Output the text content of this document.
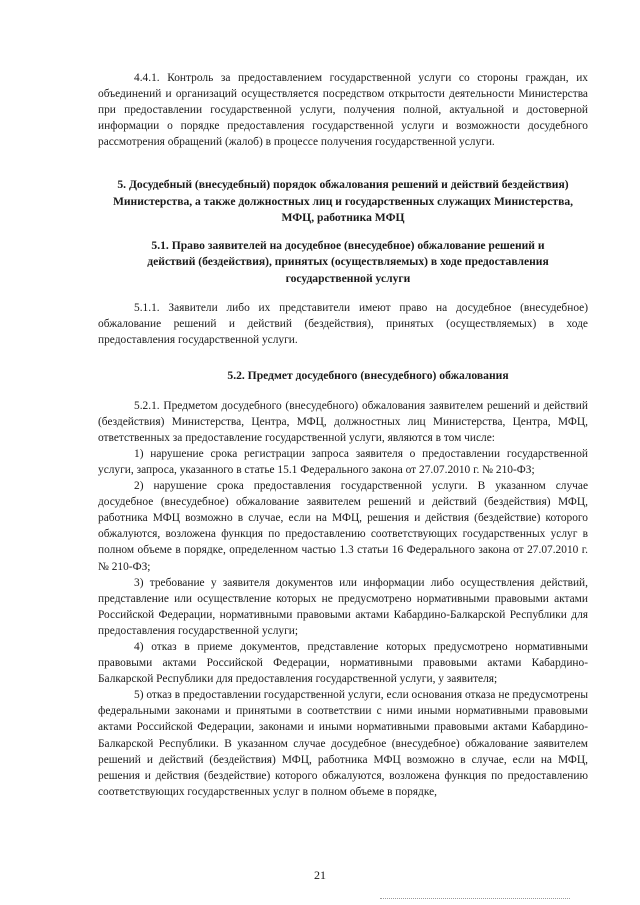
4.4.1. Контроль за предоставлением государственной услуги со стороны граждан, их объединений и организаций осуществляется посредством открытости деятельности Министерства при предоставлении государственной услуги, получения полной, актуальной и достоверной информации о порядке предоставления государственной услуги и возможности досудебного рассмотрения обращений (жалоб) в процессе получения государственной услуги.

5. Досудебный (внесудебный) порядок обжалования решений и действий бездействия) Министерства, а также должностных лиц и государственных служащих Министерства, МФЦ, работника МФЦ

5.1. Право заявителей на досудебное (внесудебное) обжалование решений и действий (бездействия), принятых (осуществляемых) в ходе предоставления государственной услуги

5.1.1. Заявители либо их представители имеют право на досудебное (внесудебное) обжалование решений и действий (бездействия), принятых (осуществляемых) в ходе предоставления государственной услуги.

5.2. Предмет досудебного (внесудебного) обжалования

5.2.1. Предметом досудебного (внесудебного) обжалования заявителем решений и действий (бездействия) Министерства, Центра, МФЦ, должностных лиц Министерства, Центра, МФЦ, ответственных за предоставление государственной услуги, являются в том числе:

1) нарушение срока регистрации запроса заявителя о предоставлении государственной услуги, запроса, указанного в статье 15.1 Федерального закона от 27.07.2010 г. № 210-ФЗ;

2) нарушение срока предоставления государственной услуги. В указанном случае досудебное (внесудебное) обжалование заявителем решений и действий (бездействия) МФЦ, работника МФЦ возможно в случае, если на МФЦ, решения и действия (бездействие) которого обжалуются, возложена функция по предоставлению соответствующих государственных услуг в полном объеме в порядке, определенном частью 1.3 статьи 16 Федерального закона от 27.07.2010 г. № 210-ФЗ;

3) требование у заявителя документов или информации либо осуществления действий, представление или осуществление которых не предусмотрено нормативными правовыми актами Российской Федерации, нормативными правовыми актами Кабардино-Балкарской Республики для предоставления государственной услуги;

4) отказ в приеме документов, представление которых предусмотрено нормативными правовыми актами Российской Федерации, нормативными правовыми актами Кабардино-Балкарской Республики для предоставления государственной услуги, у заявителя;

5) отказ в предоставлении государственной услуги, если основания отказа не предусмотрены федеральными законами и принятыми в соответствии с ними иными нормативными правовыми актами Российской Федерации, законами и иными нормативными правовыми актами Кабардино-Балкарской Республики. В указанном случае досудебное (внесудебное) обжалование заявителем решений и действий (бездействия) МФЦ, работника МФЦ возможно в случае, если на МФЦ, решения и действия (бездействие) которого обжалуются, возложена функция по предоставлению соответствующих государственных услуг в полном объеме в порядке,

21
